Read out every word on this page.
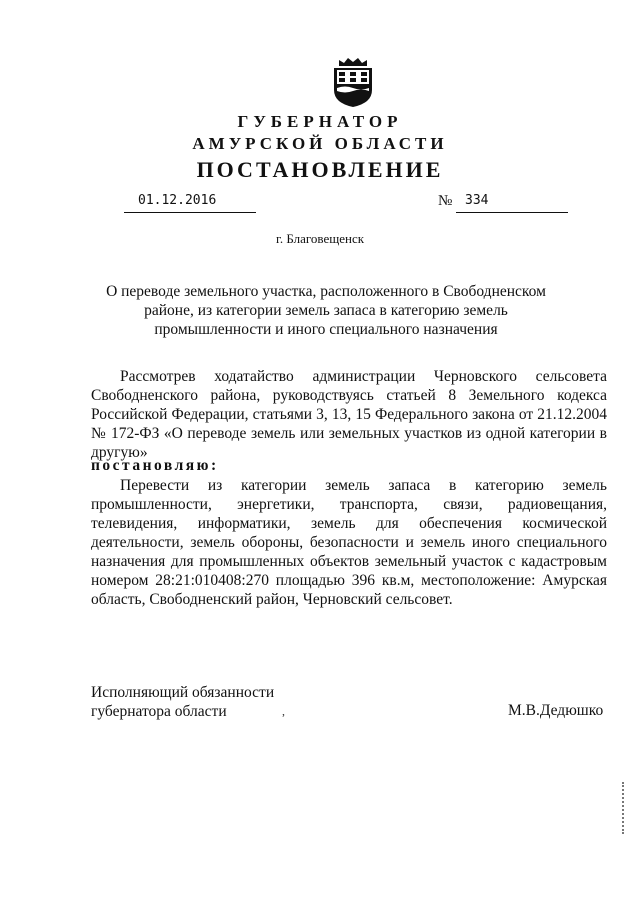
ГУБЕРНАТОР
АМУРСКОЙ ОБЛАСТИ
ПОСТАНОВЛЕНИЕ
01.12.2016	№ 334
г. Благовещенск
О переводе земельного участка, расположенного в Свободненском районе, из категории земель запаса в категорию земель промышленности и иного специального назначения
Рассмотрев ходатайство администрации Черновского сельсовета Свободненского района, руководствуясь статьей 8 Земельного кодекса Российской Федерации, статьями 3, 13, 15 Федерального закона от 21.12.2004 № 172-ФЗ «О переводе земель или земельных участков из одной категории в другую»
постановляю:
Перевести из категории земель запаса в категорию земель промышленности, энергетики, транспорта, связи, радиовещания, телевидения, информатики, земель для обеспечения космической деятельности, земель обороны, безопасности и земель иного специального назначения для промышленных объектов земельный участок с кадастровым номером 28:21:010408:270 площадью 396 кв.м, местоположение: Амурская область, Свободненский район, Черновский сельсовет.
Исполняющий обязанности
губернатора области	,	М.В.Дедюшко
